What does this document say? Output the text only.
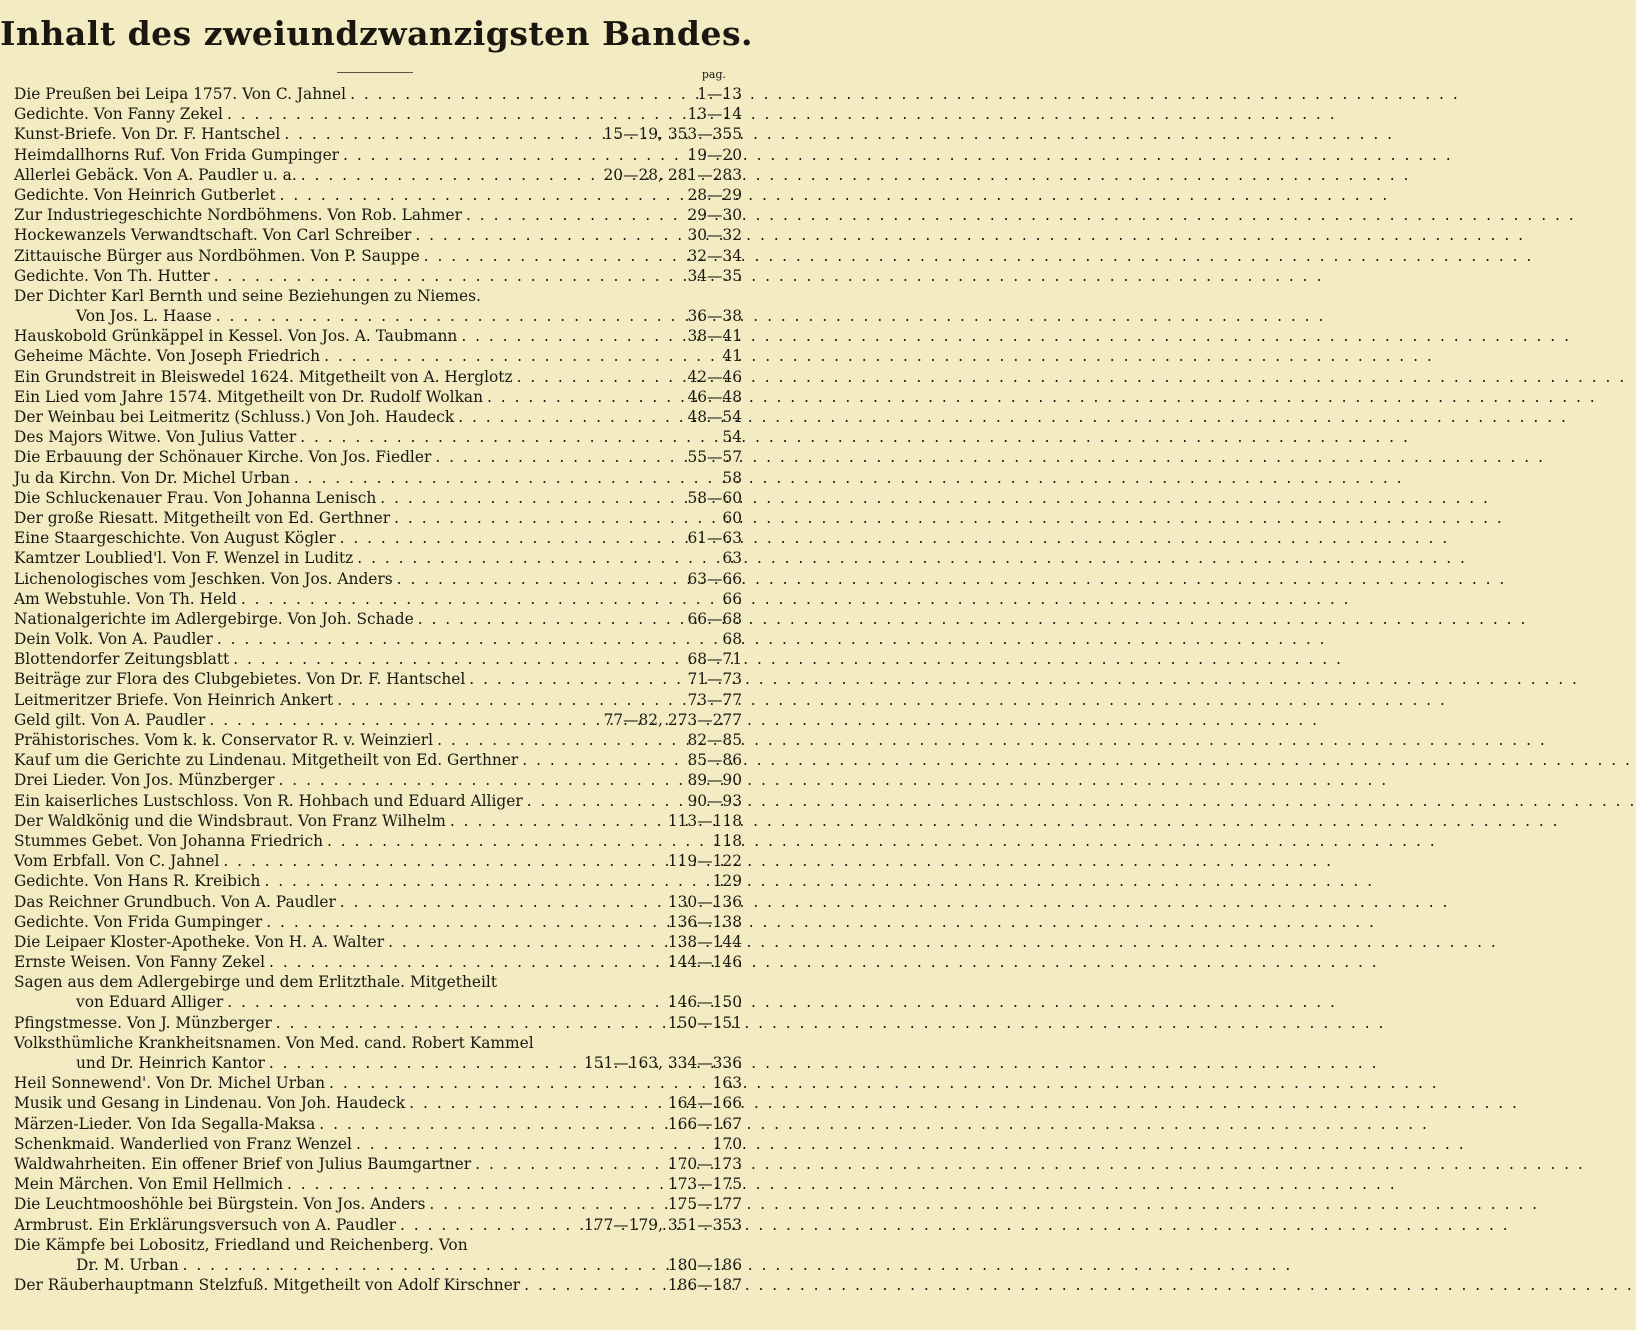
Inhalt des zweiundzwanzigsten Bandes.
pag.
Die Preußen bei Leipa 1757. Von C. Jahnel . . .	1—13
Gedichte. Von Fanny Zekel . . .	13—14
Kunst-Briefe. Von Dr. F. Hantschel . . .	15—19, 353—355
Heimdallhorns Ruf. Von Frida Gumpinger . . .	19—20
Allerlei Gebäck. Von A. Paudler u. a. . . .	20—28, 281—283
Gedichte. Von Heinrich Gutberlet . . .	28—29
Zur Industriegeschichte Nordböhmens. Von Rob. Lahmer . . .	29—30
Hockewanzels Verwandtschaft. Von Carl Schreiber . . .	30—32
Zittauische Bürger aus Nordböhmen. Von P. Sauppe . . .	32—34
Gedichte. Von Th. Hutter . . .	34—35
Der Dichter Karl Bernth und seine Beziehungen zu Niemes.
Von Jos. L. Haase . . .	36—38
Hauskobold Grünkäppel in Kessel. Von Jos. A. Taubmann . . .	38—41
Geheime Mächte. Von Joseph Friedrich . . .	41
Ein Grundstreit in Bleiswedel 1624. Mitgetheilt von A. Herglotz . . .	42—46
Ein Lied vom Jahre 1574. Mitgetheilt von Dr. Rudolf Wolkan . . .	46—48
Der Weinbau bei Leitmeritz (Schluss.) Von Joh. Haudeck . . .	48—54
Des Majors Witwe. Von Julius Vatter . . .	54
Die Erbauung der Schönauer Kirche. Von Jos. Fiedler . . .	55—57
Ju da Kirchn. Von Dr. Michel Urban . . .	58
Die Schluckenauer Frau. Von Johanna Lenisch . . .	58—60
Der große Riesatt. Mitgetheilt von Ed. Gerthner . . .	60
Eine Staargeschichte. Von August Kögler . . .	61—63
Kamtzer Loublied'l. Von F. Wenzel in Luditz . . .	63
Lichenologisches vom Jeschken. Von Jos. Anders . . .	63—66
Am Webstuhle. Von Th. Held . . .	66
Nationalgerichte im Adlergebirge. Von Joh. Schade . . .	66—68
Dein Volk. Von A. Paudler . . .	68
Blottendorfer Zeitungsblatt . . .	68—71
Beiträge zur Flora des Clubgebietes. Von Dr. F. Hantschel . . .	71—73
Leitmeritzer Briefe. Von Heinrich Ankert . . .	73—77
Geld gilt. Von A. Paudler . . .	77—82, 273—277
Prähistorisches. Vom k. k. Conservator R. v. Weinzierl . . .	82—85
Kauf um die Gerichte zu Lindenau. Mitgetheilt von Ed. Gerthner . . .	85—86
Drei Lieder. Von Jos. Münzberger . . .	89—90
Ein kaiserliches Lustschloss. Von R. Hohbach und Eduard Alliger . . .	90—93
Der Waldkönig und die Windsbraut. Von Franz Wilhelm . . .	113—118
Stummes Gebet. Von Johanna Friedrich . . .	118
Vom Erbfall. Von C. Jahnel . . .	119—122
Gedichte. Von Hans R. Kreibich . . .	129
Das Reichner Grundbuch. Von A. Paudler . . .	130—136
Gedichte. Von Frida Gumpinger . . .	136—138
Die Leipaer Kloster-Apotheke. Von H. A. Walter . . .	138—144
Ernste Weisen. Von Fanny Zekel . . .	144—146
Sagen aus dem Adlergebirge und dem Erlitzthale. Mitgetheilt
von Eduard Alliger . . .	146—150
Pfingstmesse. Von J. Münzberger . . .	150—151
Volksthümliche Krankheitsnamen. Von Med. cand. Robert Kammel
und Dr. Heinrich Kantor . . .	151—163, 334—336
Heil Sonnewend'. Von Dr. Michel Urban . . .	163
Musik und Gesang in Lindenau. Von Joh. Haudeck . . .	164—166
Märzen-Lieder. Von Ida Segalla-Maksa . . .	166—167
Schenkmaid. Wanderlied von Franz Wenzel . . .	170
Waldwahrheiten. Ein offener Brief von Julius Baumgartner . . .	170—173
Mein Märchen. Von Emil Hellmich . . .	173—175
Die Leuchtmooshöhle bei Bürgstein. Von Jos. Anders . . .	175—177
Armbrust. Ein Erklärungsversuch von A. Paudler . . .	177—179, 351—353
Die Kämpfe bei Lobositz, Friedland und Reichenberg. Von
Dr. M. Urban . . .	180—186
Der Räuberhauptmann Stelzfuß. Mitgetheilt von Adolf Kirschner . . .	186—187
